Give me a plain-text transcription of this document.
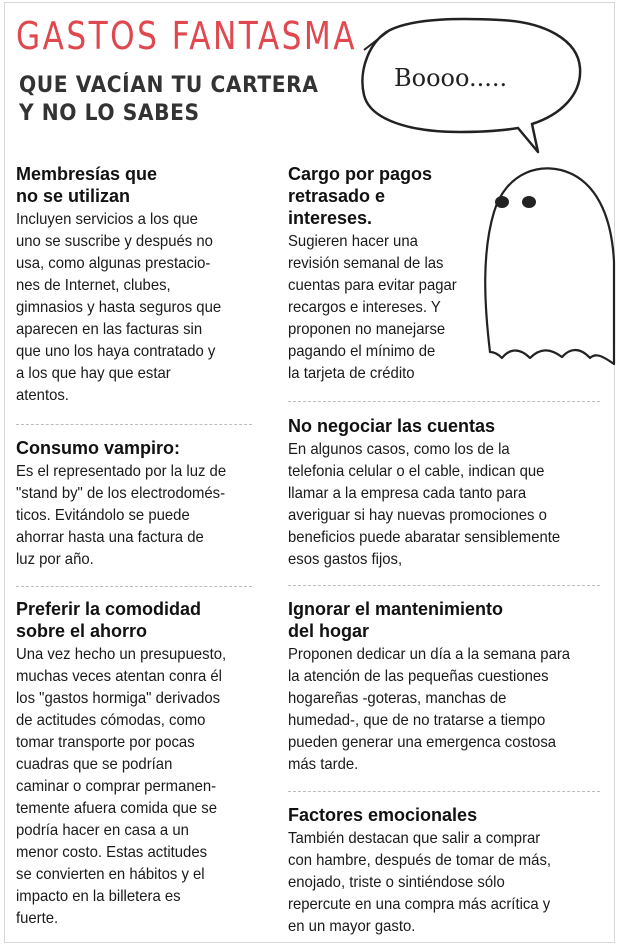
GASTOS FANTASMA
QUE VACÍAN TU CARTERA
Y NO LO SABES
Boooo.....
Membresías que
no se utilizan

Incluyen servicios a los que
uno se suscribe y después no
usa, como algunas prestacio-
nes de Internet, clubes,
gimnasios y hasta seguros que
aparecen en las facturas sin
que uno los haya contratado y
a los que hay que estar
atentos.

Consumo vampiro:

Es el representado por la luz de
"stand by" de los electrodomés-
ticos. Evitándolo se puede
ahorrar hasta una factura de
luz por año.

Preferir la comodidad
sobre el ahorro

Una vez hecho un presupuesto,
muchas veces atentan conra él
los "gastos hormiga" derivados
de actitudes cómodas, como
tomar transporte por pocas
cuadras que se podrían
caminar o comprar permanen-
temente afuera comida que se
podría hacer en casa a un
menor costo. Estas actitudes
se convierten en hábitos y el
impacto en la billetera es
fuerte.

Cargo por pagos
retrasado e
intereses.

Sugieren hacer una
revisión semanal de las
cuentas para evitar pagar
recargos e intereses. Y
proponen no manejarse
pagando el mínimo de
la tarjeta de crédito

No negociar las cuentas

En algunos casos, como los de la
telefonia celular o el cable, indican que
llamar a la empresa cada tanto para
averiguar si hay nuevas promociones o
beneficios puede abaratar sensiblemente
esos gastos fijos,

Ignorar el mantenimiento
del hogar

Proponen dedicar un día a la semana para
la atención de las pequeñas cuestiones
hogareñas -goteras, manchas de
humedad-, que de no tratarse a tiempo
pueden generar una emergenca costosa
más tarde.

Factores emocionales

También destacan que salir a comprar
con hambre, después de tomar de más,
enojado, triste o sintiéndose sólo
repercute en una compra más acrítica y
en un mayor gasto.
